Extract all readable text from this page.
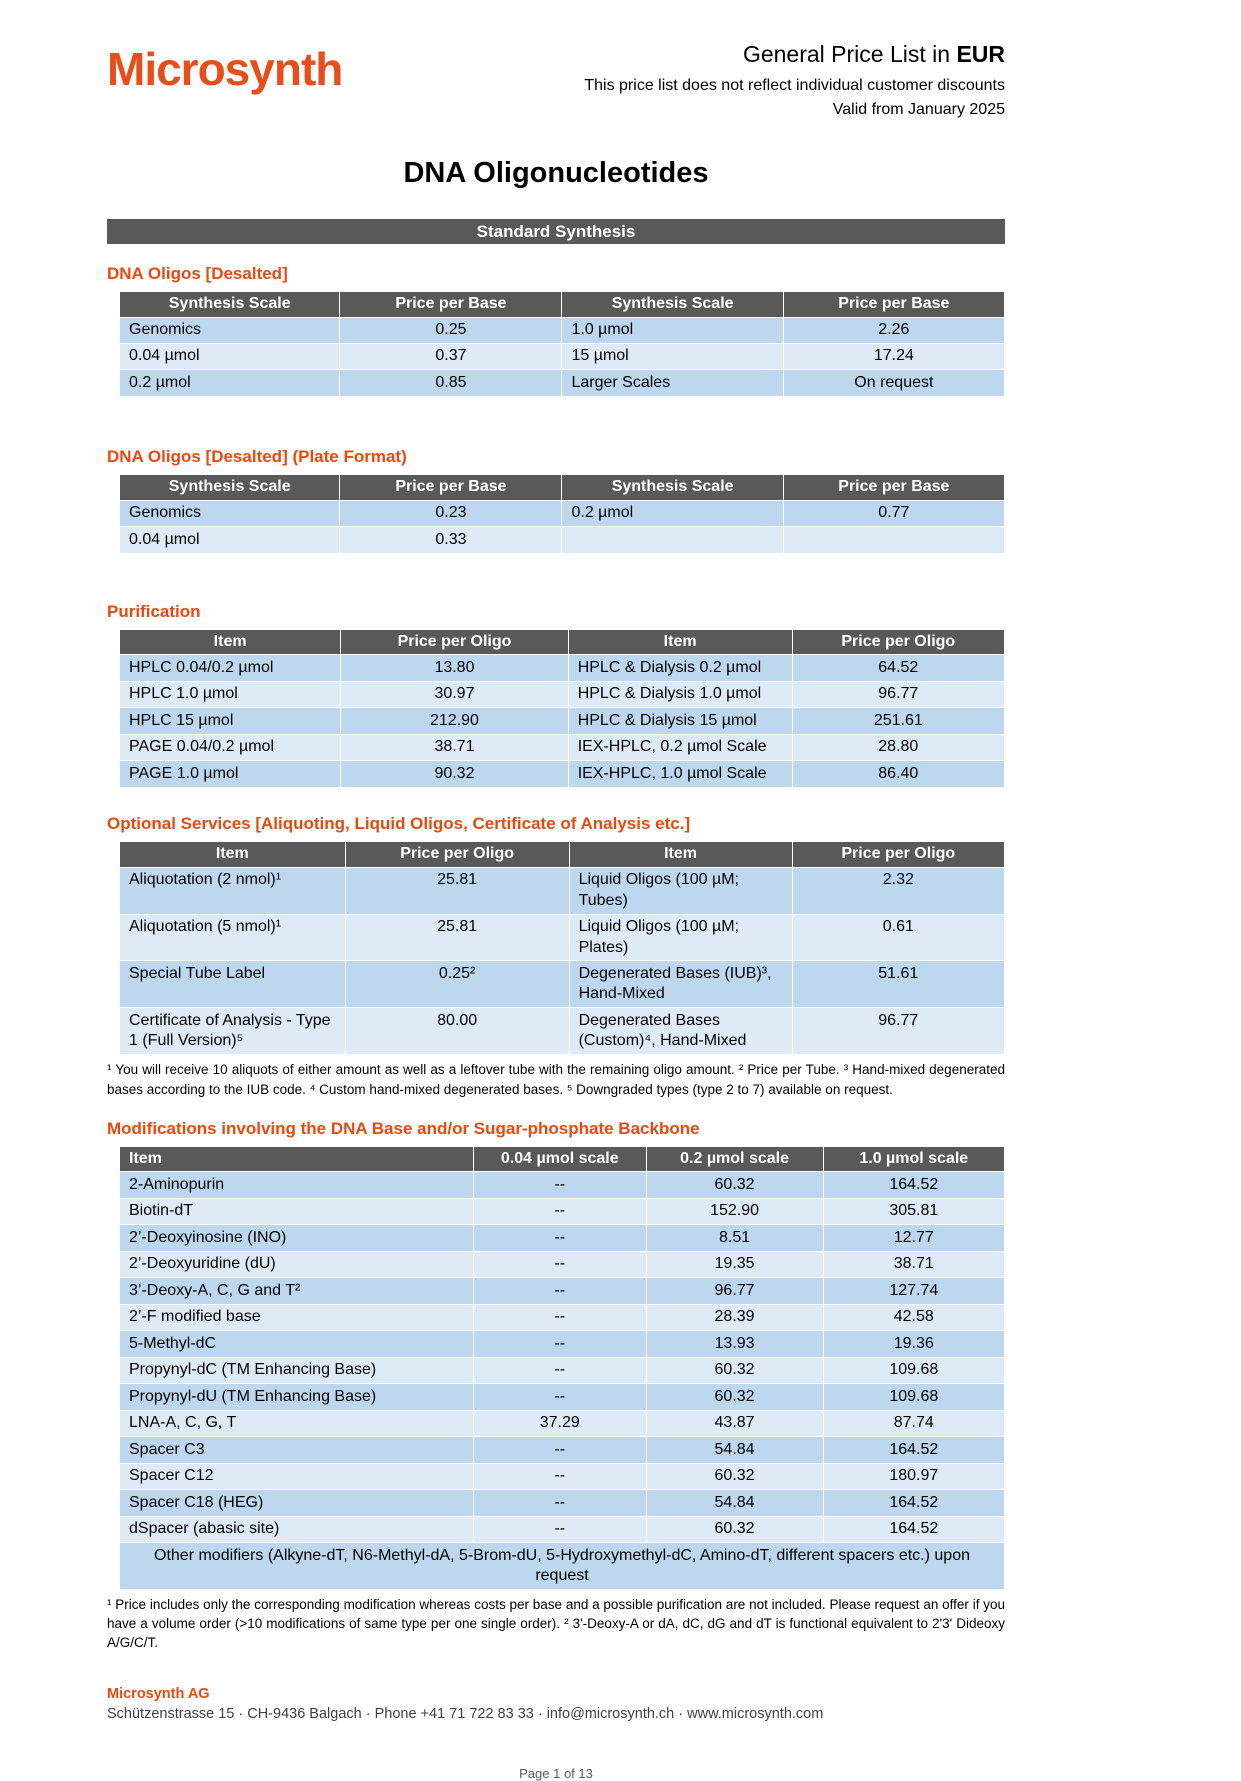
Microsynth	General Price List in EUR
This price list does not reflect individual customer discounts
Valid from January 2025
DNA Oligonucleotides
Standard Synthesis
DNA Oligos [Desalted]
Synthesis Scale	Price per Base	Synthesis Scale	Price per Base
Genomics	0.25	1.0 µmol	2.26
0.04 µmol	0.37	15 µmol	17.24
0.2 µmol	0.85	Larger Scales	On request
DNA Oligos [Desalted] (Plate Format)
Synthesis Scale	Price per Base	Synthesis Scale	Price per Base
Genomics	0.23	0.2 µmol	0.77
0.04 µmol	0.33		
Purification
Item	Price per Oligo	Item	Price per Oligo
HPLC 0.04/0.2 µmol	13.80	HPLC & Dialysis 0.2 µmol	64.52
HPLC 1.0 µmol	30.97	HPLC & Dialysis 1.0 µmol	96.77
HPLC 15 µmol	212.90	HPLC & Dialysis 15 µmol	251.61
PAGE 0.04/0.2 µmol	38.71	IEX-HPLC, 0.2 µmol Scale	28.80
PAGE 1.0 µmol	90.32	IEX-HPLC, 1.0 µmol Scale	86.40
Optional Services [Aliquoting, Liquid Oligos, Certificate of Analysis etc.]
Item	Price per Oligo	Item	Price per Oligo
Aliquotation (2 nmol)¹	25.81	Liquid Oligos (100 µM; Tubes)	2.32
Aliquotation (5 nmol)¹	25.81	Liquid Oligos (100 µM; Plates)	0.61
Special Tube Label	0.25²	Degenerated Bases (IUB)³, Hand-Mixed	51.61
Certificate of Analysis - Type 1 (Full Version)⁵	80.00	Degenerated Bases (Custom)⁴, Hand-Mixed	96.77

¹ You will receive 10 aliquots of either amount as well as a leftover tube with the remaining oligo amount. ² Price per Tube. ³ Hand-mixed degenerated bases according to the IUB code. ⁴ Custom hand-mixed degenerated bases. ⁵ Downgraded types (type 2 to 7) available on request.

Modifications involving the DNA Base and/or Sugar-phosphate Backbone
Item	0.04 µmol scale	0.2 µmol scale	1.0 µmol scale
2-Aminopurin	--	60.32	164.52
Biotin-dT	--	152.90	305.81
2’-Deoxyinosine (INO)	--	8.51	12.77
2’-Deoxyuridine (dU)	--	19.35	38.71
3’-Deoxy-A, C, G and T²	--	96.77	127.74
2’-F modified base	--	28.39	42.58
5-Methyl-dC	--	13.93	19.36
Propynyl-dC (TM Enhancing Base)	--	60.32	109.68
Propynyl-dU (TM Enhancing Base)	--	60.32	109.68
LNA-A, C, G, T	37.29	43.87	87.74
Spacer C3	--	54.84	164.52
Spacer C12	--	60.32	180.97
Spacer C18 (HEG)	--	54.84	164.52
dSpacer (abasic site)	--	60.32	164.52
Other modifiers (Alkyne-dT, N6-Methyl-dA, 5-Brom-dU, 5-Hydroxymethyl-dC, Amino-dT, different spacers etc.) upon request			

¹ Price includes only the corresponding modification whereas costs per base and a possible purification are not included. Please request an offer if you have a volume order (>10 modifications of same type per one single order). ² 3'-Deoxy-A or dA, dC, dG and dT is functional equivalent to 2'3' Dideoxy A/G/C/T.

Microsynth AG
Schützenstrasse 15 · CH-9436 Balgach · Phone +41 71 722 83 33 · info@microsynth.ch · www.microsynth.com
Page 1 of 13
